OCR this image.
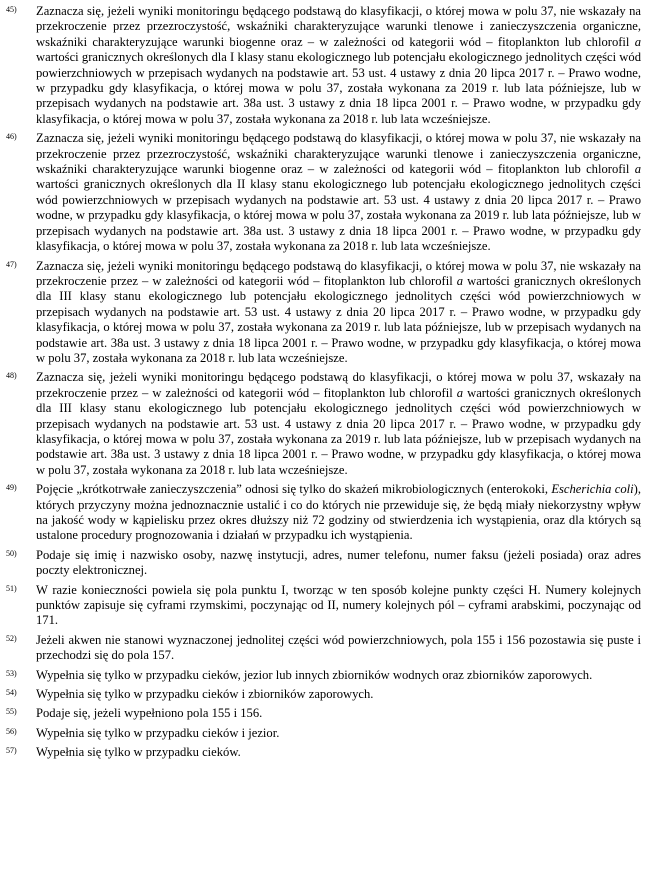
45)	Zaznacza się, jeżeli wyniki monitoringu będącego podstawą do klasyfikacji, o której mowa w polu 37, nie wskazały na przekroczenie przez przezroczystość, wskaźniki charakteryzujące warunki tlenowe i zanieczyszczenia organiczne, wskaźniki charakteryzujące warunki biogenne oraz – w zależności od kategorii wód – fitoplankton lub chlorofil a wartości granicznych określonych dla I klasy stanu ekologicznego lub potencjału ekologicznego jednolitych części wód powierzchniowych w przepisach wydanych na podstawie art. 53 ust. 4 ustawy z dnia 20 lipca 2017 r. – Prawo wodne, w przypadku gdy klasyfikacja, o której mowa w polu 37, została wykonana za 2019 r. lub lata późniejsze, lub w przepisach wydanych na podstawie art. 38a ust. 3 ustawy z dnia 18 lipca 2001 r. – Prawo wodne, w przypadku gdy klasyfikacja, o której mowa w polu 37, została wykonana za 2018 r. lub lata wcześniejsze.
46)	Zaznacza się, jeżeli wyniki monitoringu będącego podstawą do klasyfikacji, o której mowa w polu 37, nie wskazały na przekroczenie przez przezroczystość, wskaźniki charakteryzujące warunki tlenowe i zanieczyszczenia organiczne, wskaźniki charakteryzujące warunki biogenne oraz – w zależności od kategorii wód – fitoplankton lub chlorofil a wartości granicznych określonych dla II klasy stanu ekologicznego lub potencjału ekologicznego jednolitych części wód powierzchniowych w przepisach wydanych na podstawie art. 53 ust. 4 ustawy z dnia 20 lipca 2017 r. – Prawo wodne, w przypadku gdy klasyfikacja, o której mowa w polu 37, została wykonana za 2019 r. lub lata późniejsze, lub w przepisach wydanych na podstawie art. 38a ust. 3 ustawy z dnia 18 lipca 2001 r. – Prawo wodne, w przypadku gdy klasyfikacja, o której mowa w polu 37, została wykonana za 2018 r. lub lata wcześniejsze.
47)	Zaznacza się, jeżeli wyniki monitoringu będącego podstawą do klasyfikacji, o której mowa w polu 37, nie wskazały na przekroczenie przez – w zależności od kategorii wód – fitoplankton lub chlorofil a wartości granicznych określonych dla III klasy stanu ekologicznego lub potencjału ekologicznego jednolitych części wód powierzchniowych w przepisach wydanych na podstawie art. 53 ust. 4 ustawy z dnia 20 lipca 2017 r. – Prawo wodne, w przypadku gdy klasyfikacja, o której mowa w polu 37, została wykonana za 2019 r. lub lata późniejsze, lub w przepisach wydanych na podstawie art. 38a ust. 3 ustawy z dnia 18 lipca 2001 r. – Prawo wodne, w przypadku gdy klasyfikacja, o której mowa w polu 37, została wykonana za 2018 r. lub lata wcześniejsze.
48)	Zaznacza się, jeżeli wyniki monitoringu będącego podstawą do klasyfikacji, o której mowa w polu 37, wskazały na przekroczenie przez – w zależności od kategorii wód – fitoplankton lub chlorofil a wartości granicznych określonych dla III klasy stanu ekologicznego lub potencjału ekologicznego jednolitych części wód powierzchniowych w przepisach wydanych na podstawie art. 53 ust. 4 ustawy z dnia 20 lipca 2017 r. – Prawo wodne, w przypadku gdy klasyfikacja, o której mowa w polu 37, została wykonana za 2019 r. lub lata późniejsze, lub w przepisach wydanych na podstawie art. 38a ust. 3 ustawy z dnia 18 lipca 2001 r. – Prawo wodne, w przypadku gdy klasyfikacja, o której mowa w polu 37, została wykonana za 2018 r. lub lata wcześniejsze.
49)	Pojęcie „krótkotrwałe zanieczyszczenia” odnosi się tylko do skażeń mikrobiologicznych (enterokoki, Escherichia coli), których przyczyny można jednoznacznie ustalić i co do których nie przewiduje się, że będą miały niekorzystny wpływ na jakość wody w kąpielisku przez okres dłuższy niż 72 godziny od stwierdzenia ich wystąpienia, oraz dla których są ustalone procedury prognozowania i działań w przypadku ich wystąpienia.
50)	Podaje się imię i nazwisko osoby, nazwę instytucji, adres, numer telefonu, numer faksu (jeżeli posiada) oraz adres poczty elektronicznej.
51)	W razie konieczności powiela się pola punktu I, tworząc w ten sposób kolejne punkty części H. Numery kolejnych punktów zapisuje się cyframi rzymskimi, poczynając od II, numery kolejnych pól – cyframi arabskimi, poczynając od 171.
52)	Jeżeli akwen nie stanowi wyznaczonej jednolitej części wód powierzchniowych, pola 155 i 156 pozostawia się puste i przechodzi się do pola 157.
53)	Wypełnia się tylko w przypadku cieków, jezior lub innych zbiorników wodnych oraz zbiorników zaporowych.
54)	Wypełnia się tylko w przypadku cieków i zbiorników zaporowych.
55)	Podaje się, jeżeli wypełniono pola 155 i 156.
56)	Wypełnia się tylko w przypadku cieków i jezior.
57)	Wypełnia się tylko w przypadku cieków.
